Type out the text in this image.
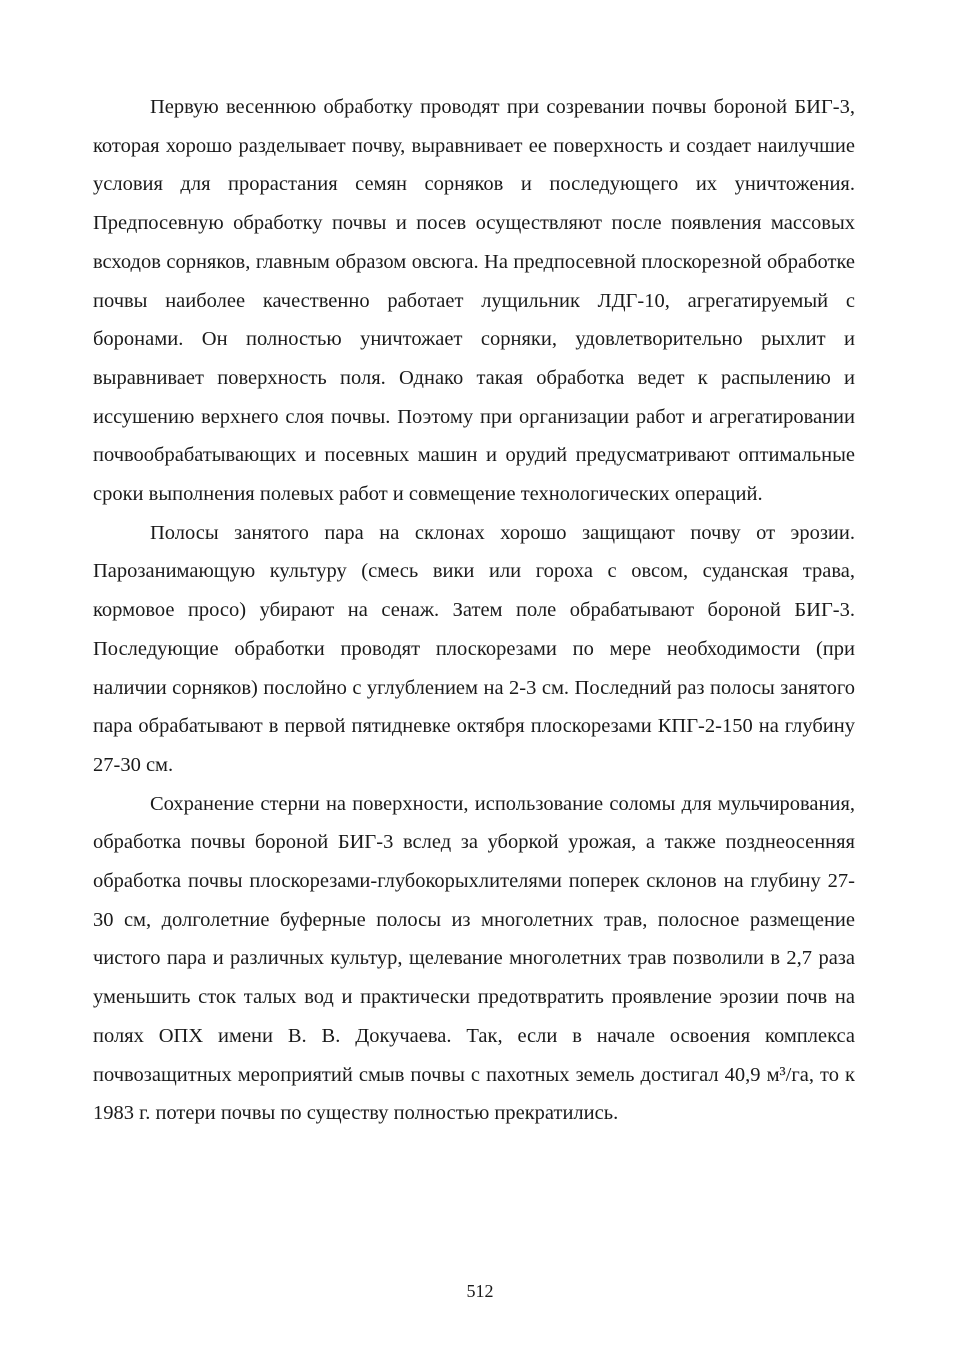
Первую весеннюю обработку проводят при созревании почвы бороной БИГ-3, которая хорошо разделывает почву, выравнивает ее поверхность и создает наилучшие условия для прорастания семян сорняков и последующего их уничтожения. Предпосевную обработку почвы и посев осуществляют после появления массовых всходов сорняков, главным образом овсюга. На предпосевной плоскорезной обработке почвы наиболее качественно работает лущильник ЛДГ-10, агрегатируемый с боронами. Он полностью уничтожает сорняки, удовлетворительно рыхлит и выравнивает поверхность поля. Однако такая обработка ведет к распылению и иссушению верхнего слоя почвы. Поэтому при организации работ и агрегатировании почвообрабатывающих и посевных машин и орудий предусматривают оптимальные сроки выполнения полевых работ и совмещение технологических операций.

Полосы занятого пара на склонах хорошо защищают почву от эрозии. Парозанимающую культуру (смесь вики или гороха с овсом, суданская трава, кормовое просо) убирают на сенаж. Затем поле обрабатывают бороной БИГ-3. Последующие обработки проводят плоскорезами по мере необходимости (при наличии сорняков) послойно с углублением на 2-3 см. Последний раз полосы занятого пара обрабатывают в первой пятидневке октября плоскорезами КПГ-2-150 на глубину 27-30 см.

Сохранение стерни на поверхности, использование соломы для мульчирования, обработка почвы бороной БИГ-3 вслед за уборкой урожая, а также позднеосенняя обработка почвы плоскорезами-глубокорыхлителями поперек склонов на глубину 27-30 см, долголетние буферные полосы из многолетних трав, полосное размещение чистого пара и различных культур, щелевание многолетних трав позволили в 2,7 раза уменьшить сток талых вод и практически предотвратить проявление эрозии почв на полях ОПХ имени В. В. Докучаева. Так, если в начале освоения комплекса почвозащитных мероприятий смыв почвы с пахотных земель достигал 40,9 м³/га, то к 1983 г. потери почвы по существу полностью прекратились.

512
